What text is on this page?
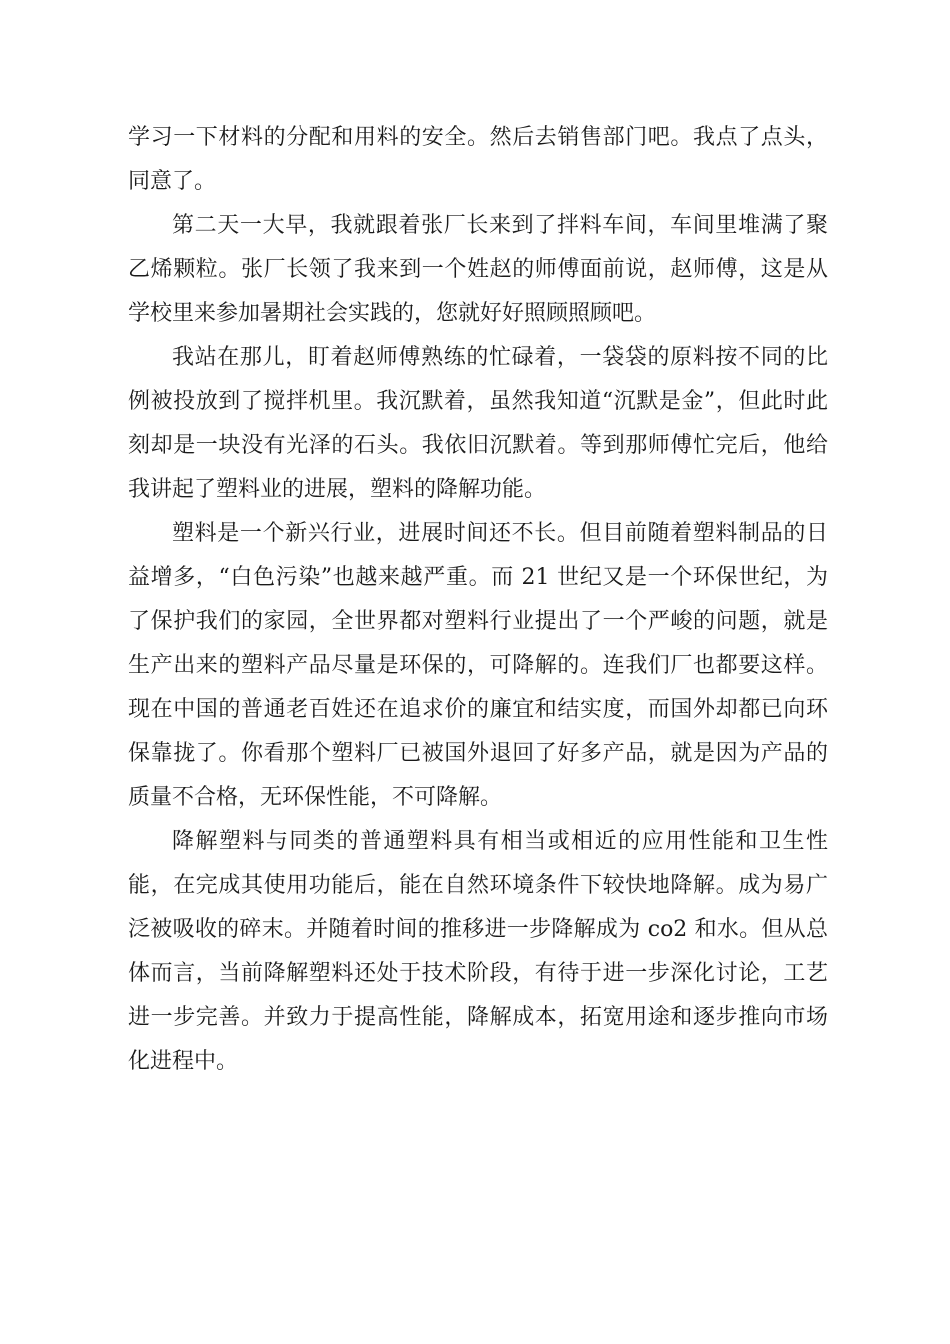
学习一下材料的分配和用料的安全。然后去销售部门吧。我点了点头，同意了。

第二天一大早，我就跟着张厂长来到了拌料车间，车间里堆满了聚乙烯颗粒。张厂长领了我来到一个姓赵的师傅面前说，赵师傅，这是从学校里来参加暑期社会实践的，您就好好照顾照顾吧。

我站在那儿，盯着赵师傅熟练的忙碌着，一袋袋的原料按不同的比例被投放到了搅拌机里。我沉默着，虽然我知道“沉默是金”，但此时此刻却是一块没有光泽的石头。我依旧沉默着。等到那师傅忙完后，他给我讲起了塑料业的进展，塑料的降解功能。

塑料是一个新兴行业，进展时间还不长。但目前随着塑料制品的日益增多，“白色污染”也越来越严重。而 21 世纪又是一个环保世纪，为了保护我们的家园，全世界都对塑料行业提出了一个严峻的问题，就是生产出来的塑料产品尽量是环保的，可降解的。连我们厂也都要这样。现在中国的普通老百姓还在追求价的廉宜和结实度，而国外却都已向环保靠拢了。你看那个塑料厂已被国外退回了好多产品，就是因为产品的质量不合格，无环保性能，不可降解。

降解塑料与同类的普通塑料具有相当或相近的应用性能和卫生性能，在完成其使用功能后，能在自然环境条件下较快地降解。成为易广泛被吸收的碎末。并随着时间的推移进一步降解成为 co2 和水。但从总体而言，当前降解塑料还处于技术阶段，有待于进一步深化讨论，工艺进一步完善。并致力于提高性能，降解成本，拓宽用途和逐步推向市场化进程中。
